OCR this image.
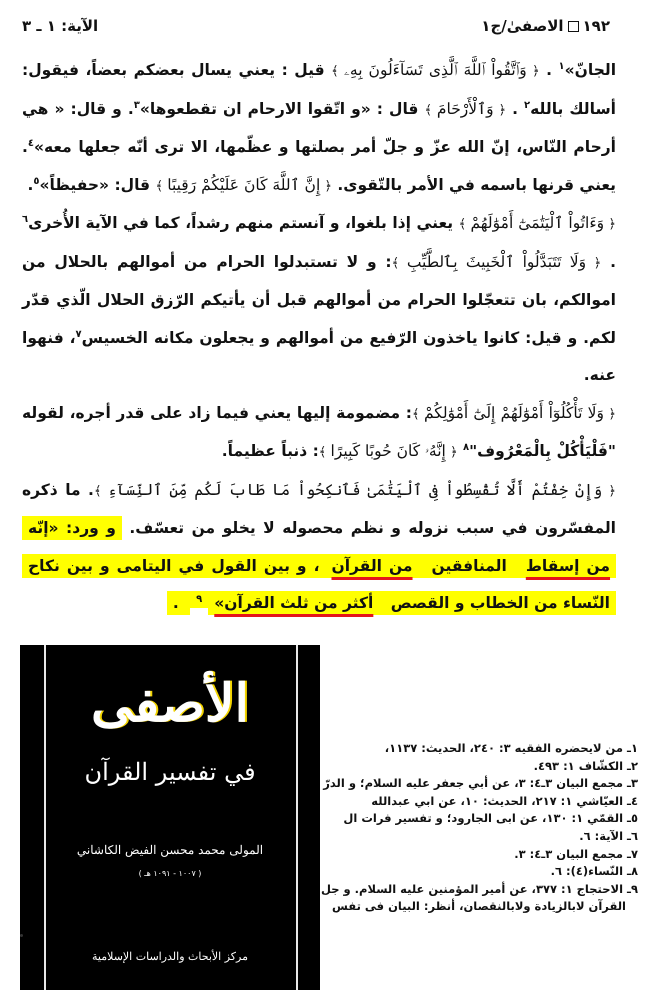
١٩٢
الاصفىٰ/ج١
الآية: ١ ـ ٣

الجانّ»$^١$ . ﴿ وَٱتَّقُواْ ٱللَّهَ ٱلَّذِى تَسَآءَلُونَ بِهِۦ ﴾ قيل : يعني يسال بعضكم بعضاً، فيقول: أسالك بالله$^٢$ . ﴿ وَٱلْأَرْحَامَ ﴾ قال : «و اتّقوا الارحام ان تقطعوها»$^٣$. و قال: « هي أرحام النّاس، إنّ الله عزّ و جلّ أمر بصلتها و عظّمها، الا ترى أنّه جعلها معه»$^٤$. يعني قرنها باسمه في الأمر بالتّقوى. ﴿ إِنَّ ٱللَّهَ كَانَ عَلَيْكُمْ رَقِيبًا ﴾ قال: «حفيظاً»$^٥$.

﴿ وَءَاتُواْ ٱلْيَتَٰمَىٰٓ أَمْوَٰلَهُمْ ﴾ يعني إذا بلغوا، و آنستم منهم رشداً، كما في الآية الأُخرى$^٦$ . ﴿ وَلَا تَتَبَدَّلُواْ ٱلْخَبِيثَ بِٱلطَّيِّبِ ﴾: و لا تستبدلوا الحرام من أموالهم بالحلال من اموالكم، بان تتعجّلوا الحرام من أموالهم قبل أن يأتيكم الرّزق الحلال الّذي قدّر لكم. و قيل: كانوا ياخذون الرّفيع من أموالهم و يجعلون مكانه الخسيس$^٧$، فنهوا عنه.

﴿ وَلَا تَأْكُلُوٓاْ أَمْوَٰلَهُمْ إِلَىٰٓ أَمْوَٰلِكُمْ ﴾: مضمومة إليها يعني فيما زاد على قدر أجره، لقوله "فَلْيَأْكُلْ بِالْمَعْرُوف"$^٨$ ﴿ إِنَّهُۥ كَانَ حُوبًا كَبِيرًا ﴾: ذنباً عظيماً.

﴿ وَإِنْ خِفْتُمْ أَلَّا تُقْسِطُواْ فِى ٱلْيَتَٰمَىٰ فَٱنكِحُواْ مَا طَابَ لَكُم مِّنَ ٱلنِّسَآءِ ﴾. ما ذكره المفسّرون في سبب نزوله و نظم محصوله لا يخلو من تعسّف. و ورد: «إنّه من إسقاط المنافقين من القرآن، و بين القول في اليتامى و بين نكاح النّساء من الخطاب و القصص أكثر من ثلث القرآن»$^٩$ .

الأصفى
في تفسير القرآن
المولى محمد محسن الفيض الكاشاني
( ١٠٠٧ - ١٠٩١ هـ )
مركز الأبحاث والدراسات الإسلامية
١ـ من لايحضره الفقيه ٣: ٢٤٠، الحديث: ١١٣٧،
٢ـ الكشّاف ١: ٤٩٣.
٣ـ مجمع البيان ٣ـ٤: ٣، عن أبي جعفر عليه السلام؛ و الدرّ
٤ـ العيّاشي ١: ٢١٧، الحديث: ١٠، عن ابي عبدالله
٥ـ القمّي ١: ١٣٠، عن ابى الجارود؛ و تفسير فرات ال
٦ـ الآية: ٦.
٧ـ مجمع البيان ٣ـ٤: ٣.
٨ـ النّساء(٤): ٦.
٩ـ الاحتجاج ١: ٣٧٧، عن أمير المؤمنين عليه السلام. و جل
القرآن لابالزيادة ولابالنقصان، أنظر: البيان فى تفس
